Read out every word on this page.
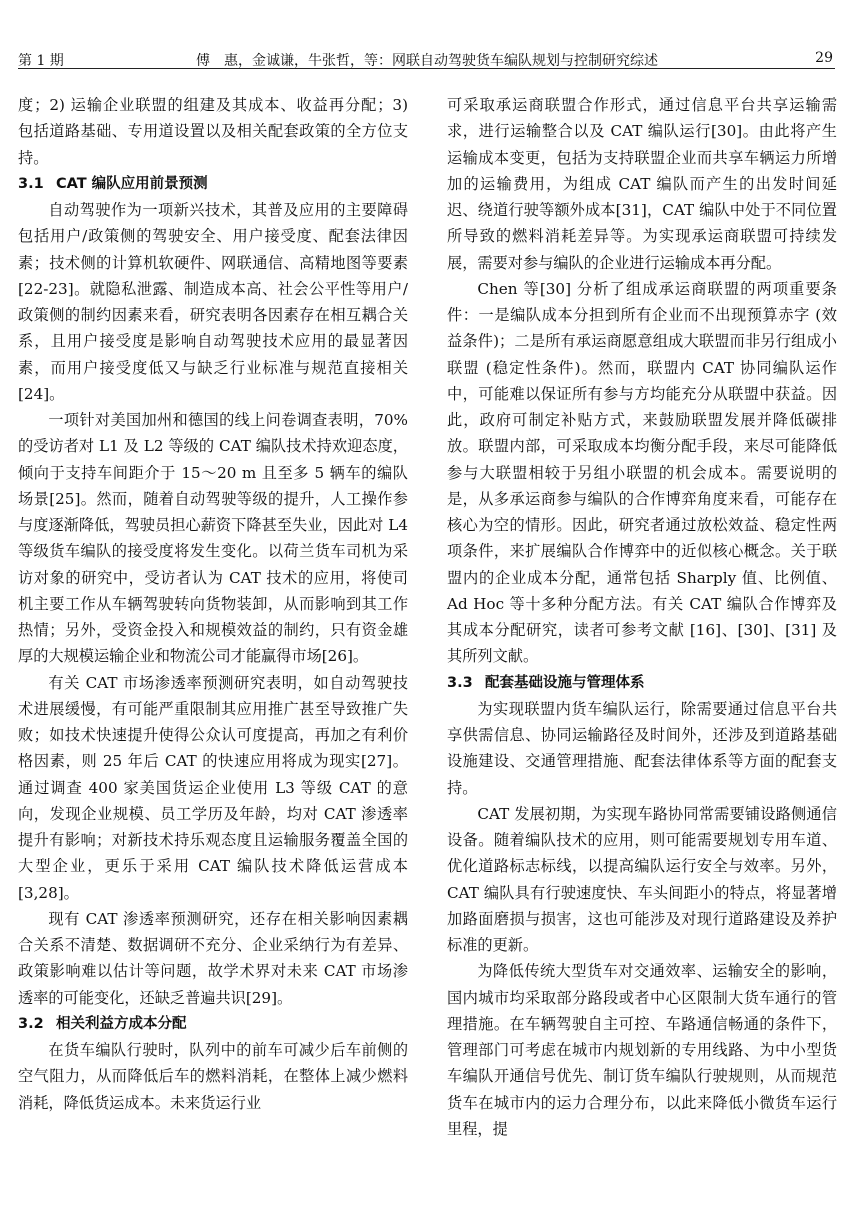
第 1 期	傅　惠，金诚谦，牛张哲，等：网联自动驾驶货车编队规划与控制研究综述	29

度；2) 运输企业联盟的组建及其成本、收益再分配；3) 包括道路基础、专用道设置以及相关配套政策的全方位支持。

3.1 CAT 编队应用前景预测

自动驾驶作为一项新兴技术，其普及应用的主要障碍包括用户/政策侧的驾驶安全、用户接受度、配套法律因素；技术侧的计算机软硬件、网联通信、高精地图等要素[22-23]。就隐私泄露、制造成本高、社会公平性等用户/政策侧的制约因素来看，研究表明各因素存在相互耦合关系，且用户接受度是影响自动驾驶技术应用的最显著因素，而用户接受度低又与缺乏行业标准与规范直接相关[24]。

一项针对美国加州和德国的线上问卷调查表明，70% 的受访者对 L1 及 L2 等级的 CAT 编队技术持欢迎态度，倾向于支持车间距介于 15～20 m 且至多 5 辆车的编队场景[25]。然而，随着自动驾驶等级的提升，人工操作参与度逐渐降低，驾驶员担心薪资下降甚至失业，因此对 L4 等级货车编队的接受度将发生变化。以荷兰货车司机为采访对象的研究中，受访者认为 CAT 技术的应用，将使司机主要工作从车辆驾驶转向货物装卸，从而影响到其工作热情；另外，受资金投入和规模效益的制约，只有资金雄厚的大规模运输企业和物流公司才能赢得市场[26]。

有关 CAT 市场渗透率预测研究表明，如自动驾驶技术进展缓慢，有可能严重限制其应用推广甚至导致推广失败；如技术快速提升使得公众认可度提高，再加之有利价格因素，则 25 年后 CAT 的快速应用将成为现实[27]。通过调查 400 家美国货运企业使用 L3 等级 CAT 的意向，发现企业规模、员工学历及年龄，均对 CAT 渗透率提升有影响；对新技术持乐观态度且运输服务覆盖全国的大型企业，更乐于采用 CAT 编队技术降低运营成本[3,28]。

现有 CAT 渗透率预测研究，还存在相关影响因素耦合关系不清楚、数据调研不充分、企业采纳行为有差异、政策影响难以估计等问题，故学术界对未来 CAT 市场渗透率的可能变化，还缺乏普遍共识[29]。

3.2 相关利益方成本分配

在货车编队行驶时，队列中的前车可减少后车前侧的空气阻力，从而降低后车的燃料消耗，在整体上减少燃料消耗，降低货运成本。未来货运行业

可采取承运商联盟合作形式，通过信息平台共享运输需求，进行运输整合以及 CAT 编队运行[30]。由此将产生运输成本变更，包括为支持联盟企业而共享车辆运力所增加的运输费用，为组成 CAT 编队而产生的出发时间延迟、绕道行驶等额外成本[31]，CAT 编队中处于不同位置所导致的燃料消耗差异等。为实现承运商联盟可持续发展，需要对参与编队的企业进行运输成本再分配。

Chen 等[30] 分析了组成承运商联盟的两项重要条件：一是编队成本分担到所有企业而不出现预算赤字 (效益条件)；二是所有承运商愿意组成大联盟而非另行组成小联盟 (稳定性条件)。然而，联盟内 CAT 协同编队运作中，可能难以保证所有参与方均能充分从联盟中获益。因此，政府可制定补贴方式，来鼓励联盟发展并降低碳排放。联盟内部，可采取成本均衡分配手段，来尽可能降低参与大联盟相较于另组小联盟的机会成本。需要说明的是，从多承运商参与编队的合作博弈角度来看，可能存在核心为空的情形。因此，研究者通过放松效益、稳定性两项条件，来扩展编队合作博弈中的近似核心概念。关于联盟内的企业成本分配，通常包括 Sharply 值、比例值、Ad Hoc 等十多种分配方法。有关 CAT 编队合作博弈及其成本分配研究，读者可参考文献 [16]、[30]、[31] 及其所列文献。

3.3 配套基础设施与管理体系

为实现联盟内货车编队运行，除需要通过信息平台共享供需信息、协同运输路径及时间外，还涉及到道路基础设施建设、交通管理措施、配套法律体系等方面的配套支持。

CAT 发展初期，为实现车路协同常需要铺设路侧通信设备。随着编队技术的应用，则可能需要规划专用车道、优化道路标志标线，以提高编队运行安全与效率。另外，CAT 编队具有行驶速度快、车头间距小的特点，将显著增加路面磨损与损害，这也可能涉及对现行道路建设及养护标准的更新。

为降低传统大型货车对交通效率、运输安全的影响，国内城市均采取部分路段或者中心区限制大货车通行的管理措施。在车辆驾驶自主可控、车路通信畅通的条件下，管理部门可考虑在城市内规划新的专用线路、为中小型货车编队开通信号优先、制订货车编队行驶规则，从而规范货车在城市内的运力合理分布，以此来降低小微货车运行里程，提
